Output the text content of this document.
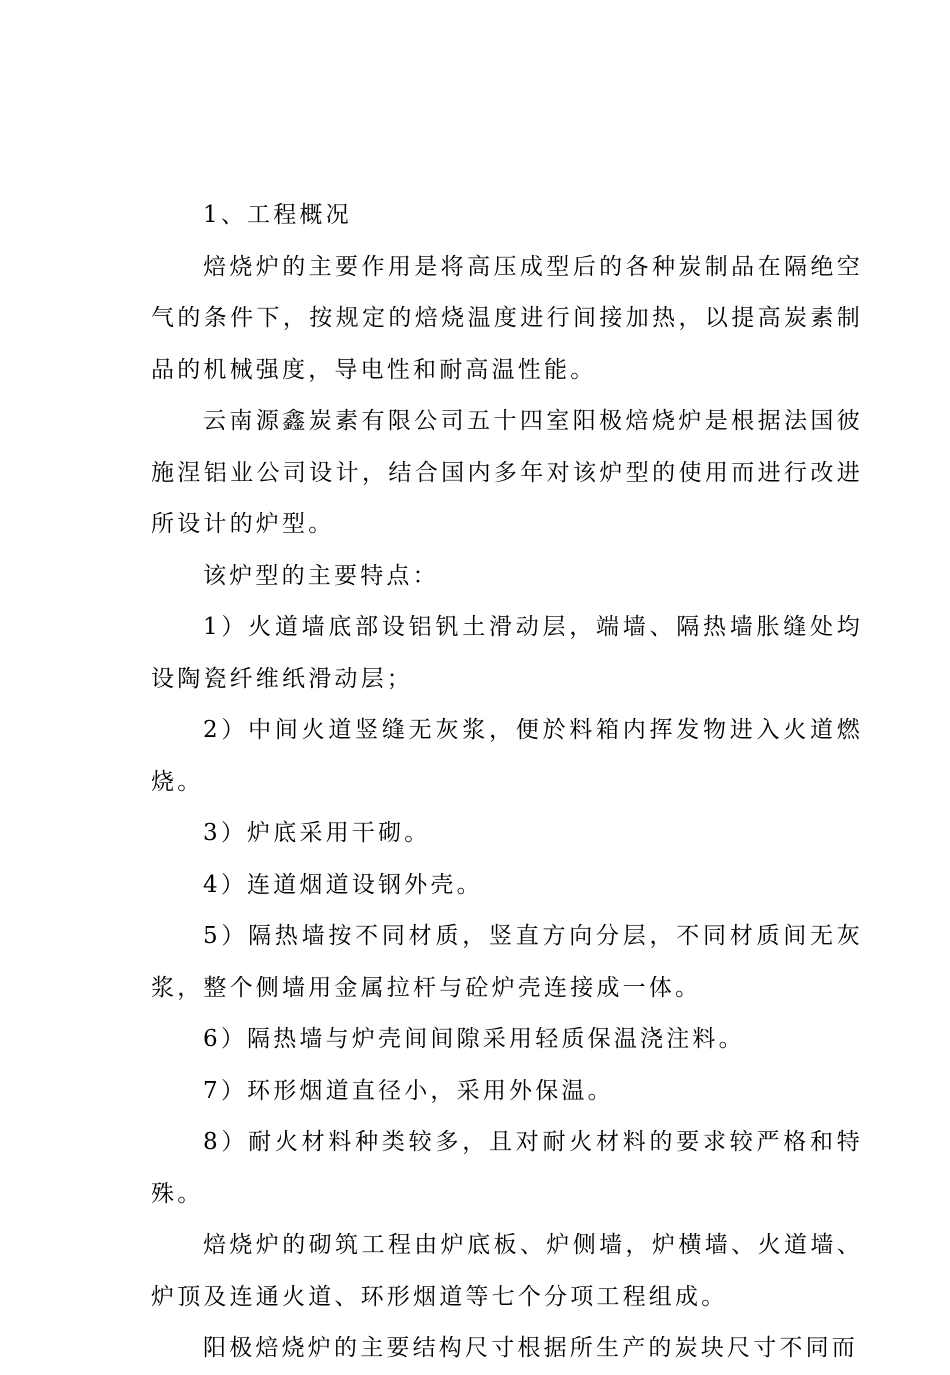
1、工程概况

焙烧炉的主要作用是将高压成型后的各种炭制品在隔绝空气的条件下，按规定的焙烧温度进行间接加热，以提高炭素制品的机械强度，导电性和耐高温性能。

云南源鑫炭素有限公司五十四室阳极焙烧炉是根据法国彼施涅铝业公司设计，结合国内多年对该炉型的使用而进行改进所设计的炉型。

该炉型的主要特点：

1）火道墙底部设铝钒土滑动层，端墙、隔热墙胀缝处均设陶瓷纤维纸滑动层；

2）中间火道竖缝无灰浆，便於料箱内挥发物进入火道燃烧。

3）炉底采用干砌。

4）连道烟道设钢外壳。

5）隔热墙按不同材质，竖直方向分层，不同材质间无灰浆，整个侧墙用金属拉杆与砼炉壳连接成一体。

6）隔热墙与炉壳间间隙采用轻质保温浇注料。

7）环形烟道直径小，采用外保温。

8）耐火材料种类较多，且对耐火材料的要求较严格和特殊。

焙烧炉的砌筑工程由炉底板、炉侧墙，炉横墙、火道墙、炉顶及连通火道、环形烟道等七个分项工程组成。

阳极焙烧炉的主要结构尺寸根据所生产的炭块尺寸不同而
